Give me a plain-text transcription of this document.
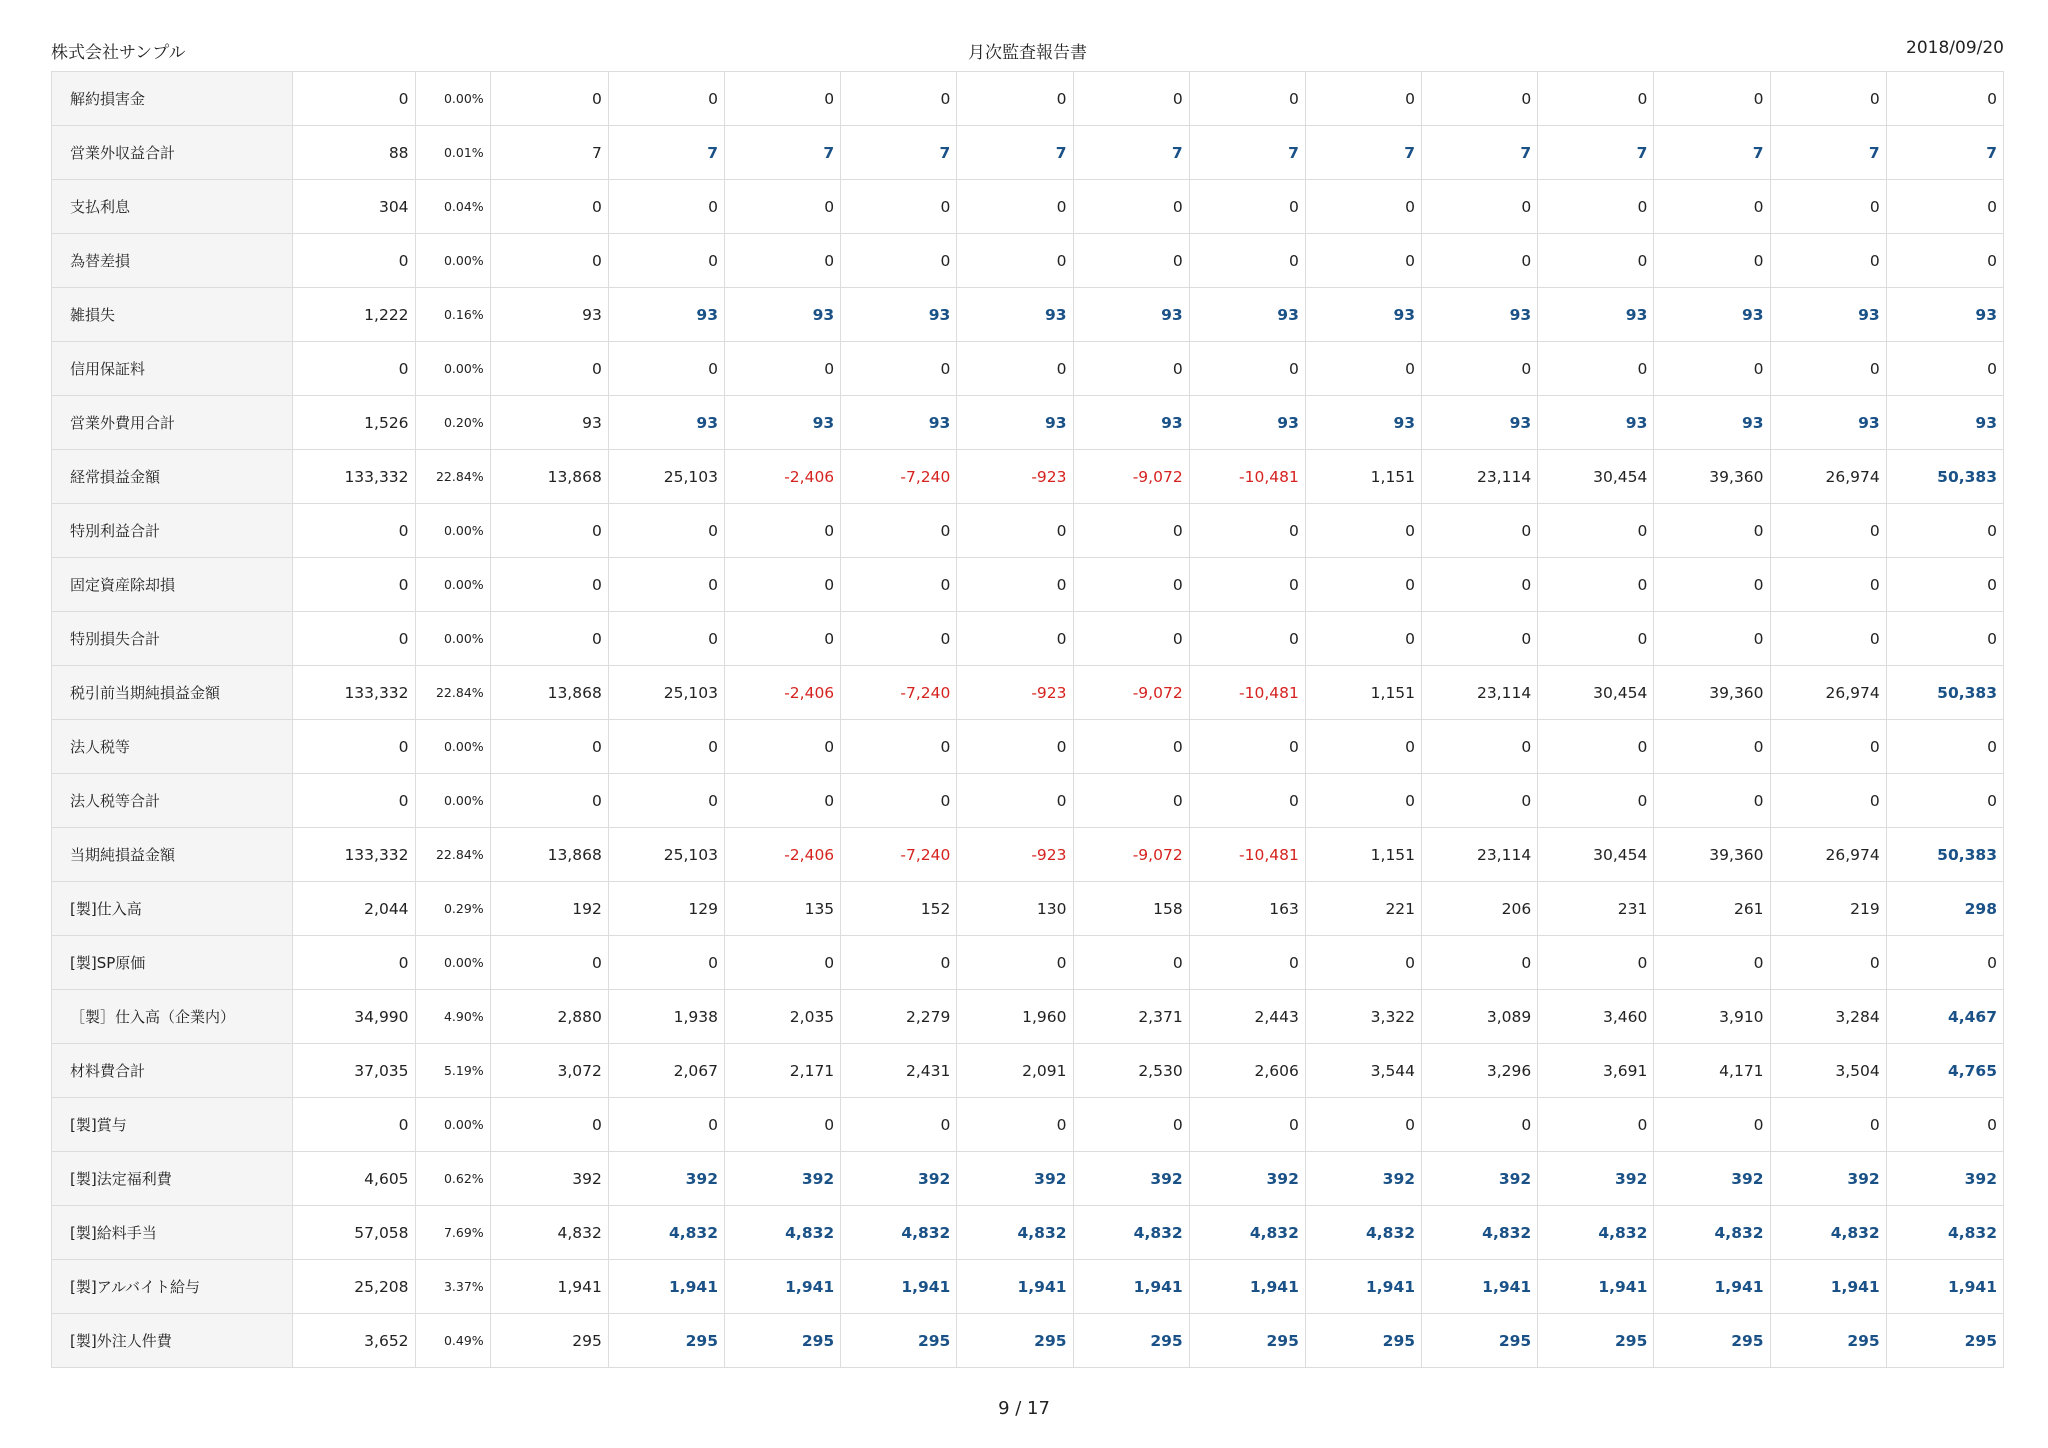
株式会社サンプル	月次監査報告書	2018/09/20
解約損害金	0	0.00%	0	0	0	0	0	0	0	0	0	0	0	0	0
営業外収益合計	88	0.01%	7	7	7	7	7	7	7	7	7	7	7	7	7
支払利息	304	0.04%	0	0	0	0	0	0	0	0	0	0	0	0	0
為替差損	0	0.00%	0	0	0	0	0	0	0	0	0	0	0	0	0
雑損失	1,222	0.16%	93	93	93	93	93	93	93	93	93	93	93	93	93
信用保証料	0	0.00%	0	0	0	0	0	0	0	0	0	0	0	0	0
営業外費用合計	1,526	0.20%	93	93	93	93	93	93	93	93	93	93	93	93	93
経常損益金額	133,332	22.84%	13,868	25,103	-2,406	-7,240	-923	-9,072	-10,481	1,151	23,114	30,454	39,360	26,974	50,383
特別利益合計	0	0.00%	0	0	0	0	0	0	0	0	0	0	0	0	0
固定資産除却損	0	0.00%	0	0	0	0	0	0	0	0	0	0	0	0	0
特別損失合計	0	0.00%	0	0	0	0	0	0	0	0	0	0	0	0	0
税引前当期純損益金額	133,332	22.84%	13,868	25,103	-2,406	-7,240	-923	-9,072	-10,481	1,151	23,114	30,454	39,360	26,974	50,383
法人税等	0	0.00%	0	0	0	0	0	0	0	0	0	0	0	0	0
法人税等合計	0	0.00%	0	0	0	0	0	0	0	0	0	0	0	0	0
当期純損益金額	133,332	22.84%	13,868	25,103	-2,406	-7,240	-923	-9,072	-10,481	1,151	23,114	30,454	39,360	26,974	50,383
[製]仕入高	2,044	0.29%	192	129	135	152	130	158	163	221	206	231	261	219	298
[製]SP原価	0	0.00%	0	0	0	0	0	0	0	0	0	0	0	0	0
［製］仕入高（企業内）	34,990	4.90%	2,880	1,938	2,035	2,279	1,960	2,371	2,443	3,322	3,089	3,460	3,910	3,284	4,467
材料費合計	37,035	5.19%	3,072	2,067	2,171	2,431	2,091	2,530	2,606	3,544	3,296	3,691	4,171	3,504	4,765
[製]賞与	0	0.00%	0	0	0	0	0	0	0	0	0	0	0	0	0
[製]法定福利費	4,605	0.62%	392	392	392	392	392	392	392	392	392	392	392	392	392
[製]給料手当	57,058	7.69%	4,832	4,832	4,832	4,832	4,832	4,832	4,832	4,832	4,832	4,832	4,832	4,832	4,832
[製]アルバイト給与	25,208	3.37%	1,941	1,941	1,941	1,941	1,941	1,941	1,941	1,941	1,941	1,941	1,941	1,941	1,941
[製]外注人件費	3,652	0.49%	295	295	295	295	295	295	295	295	295	295	295	295	295
9 / 17
